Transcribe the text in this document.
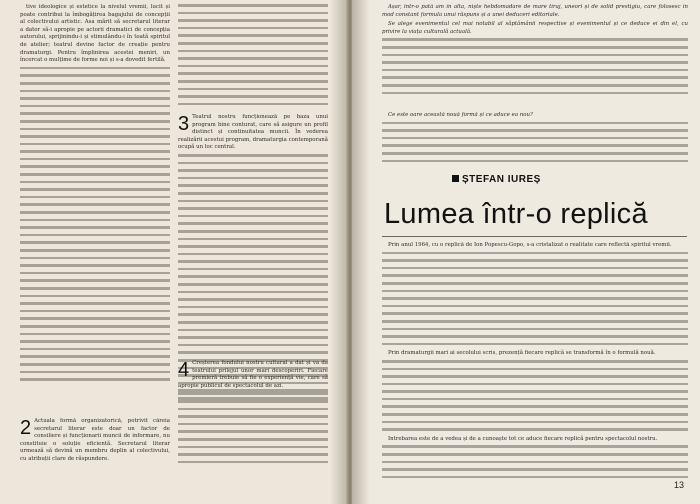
tive ideologice și estetice la nivelul vremii, lucit și poate contribui la îmbogățirea bagajului de concepții al colectivului artistic. Asa mărit să secretarul literar a dator să-i apropie pe actorii dramatici de concepția autorului, sprijinindu-i și stimulându-i în toată spiritul de atelier; teatrul devine factor de creație pentru dramaturgi. Pentru împlinirea acestei meniri, un încercat o mulțime de forme noi și s-a dovedit fertilă.

2 Actuala formă organizatorică, potrivit căreia secretarul literar este doar un factor de consiliere și funcționarii muncii de informare, nu constituie o soluție eficientă. Secretarul literar urmează să devină un membru deplin al colectivului, cu atribuții clare de răspundere.

3 Teatrul nostru funcționează pe baza unui program bine conturat, care să asigure un profil distinct și continuitatea muncii. În vederea realizării acestui program, dramaturgia contemporană ocupă un loc central.

4 Creșterea fondului nostru cultural a dat și va da teatrului prilejul unor mari descoperiri. Fiecare premieră trebuie să fie o experiență vie, care să apropie publicul de spectacolul de azi.

Așar, într-o pată am în alta, niște hebdomadare de mare tiraj, uneori și de solid prestigiu, care folosesc în mod constant formula unui răspuns și a unei deduceri editoriale.

Se alege evenimentul cel mai notabil al săptămânii respective și evenimentul și ce deduce ei din el, cu privire la viața culturală actuală.

Ce este oare această nouă formă și ce aduce ea nou?

ȘTEFAN IUREȘ
Lumea într-o replică

Prin anul 1964, cu o replică de Ion Popescu-Gopo, s-a cristalizat o realitate care reflectă spiritul vremii.

Prin dramaturgii mari ai secolului scris, prezență fiecare replică se transformă în o formulă nouă.

Intrebarea este de a vedea și de a cunoaște tot ce aduce fiecare replică pentru spectacolul nostru.

13
